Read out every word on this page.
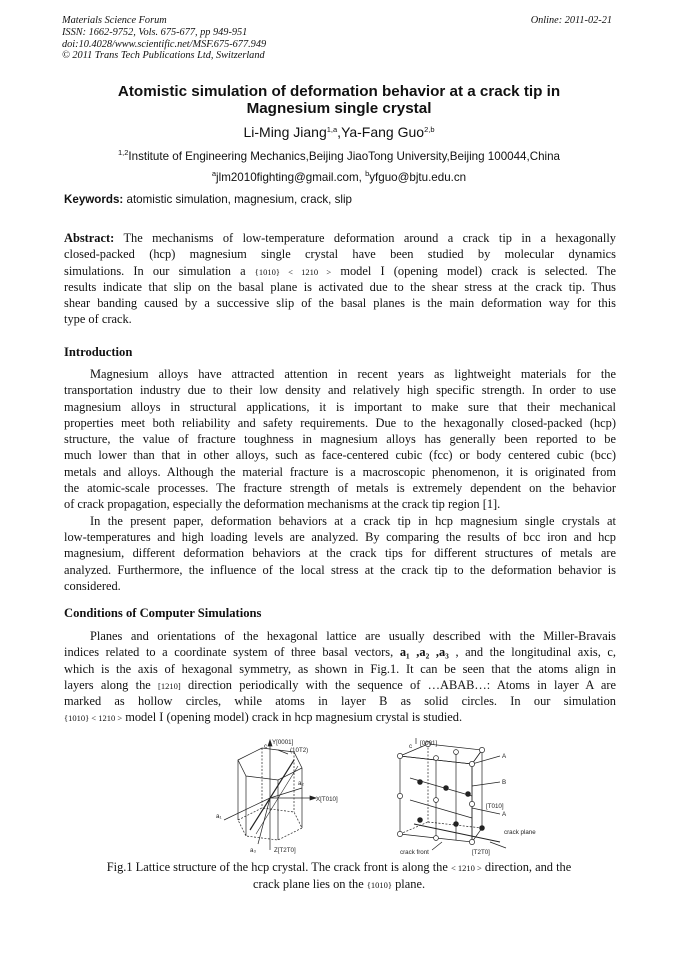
Materials Science Forum
ISSN: 1662-9752, Vols. 675-677, pp 949-951
doi:10.4028/www.scientific.net/MSF.675-677.949
© 2011 Trans Tech Publications Ltd, Switzerland
Online: 2011-02-21
Atomistic simulation of deformation behavior at a crack tip in
Magnesium single crystal
Li-Ming Jiang$^{1,a}$,Ya-Fang Guo$^{2,b}$
$^{1,2}$Institute of Engineering Mechanics,Beijing JiaoTong University,Beijing 100044,China
$^a$jlm2010fighting@gmail.com, $^b$yfguo@bjtu.edu.cn
Keywords: atomistic simulation, magnesium, crack, slip
Abstract: The mechanisms of low-temperature deformation around a crack tip in a hexagonally
closed-packed (hcp) magnesium single crystal have been studied by molecular dynamics
simulations. In our simulation a {1010} < 1210 > model I (opening model) crack is selected. The
results indicate that slip on the basal plane is activated due to the shear stress at the crack tip. Thus
shear banding caused by a successive slip of the basal planes is the main deformation way for this
type of crack.
Introduction
Magnesium alloys have attracted attention in recent years as lightweight materials for the
transportation industry due to their low density and relatively high specific strength. In order to use
magnesium alloys in structural applications, it is important to make sure that their mechanical
properties meet both reliability and safety requirements. Due to the hexagonally closed-packed (hcp)
structure, the value of fracture toughness in magnesium alloys has generally been reported to be
much lower than that in other alloys, such as face-centered cubic (fcc) or body centered cubic (bcc)
metals and alloys. Although the material fracture is a macroscopic phenomenon, it is originated from
the atomic-scale processes. The fracture strength of metals is extremely dependent on the behavior
of crack propagation, especially the deformation mechanisms at the crack tip region [1].
In the present paper, deformation behaviors at a crack tip in hcp magnesium single crystals at
low-temperatures and high loading levels are analyzed. By comparing the results of bcc iron and hcp
magnesium, different deformation behaviors at the crack tips for different structures of metals are
analyzed. Furthermore, the influence of the local stress at the crack tip to the deformation behavior is
considered.
Conditions of Computer Simulations
Planes and orientations of the hexagonal lattice are usually described with the Miller-Bravais
indices related to a coordinate system of three basal vectors, a₁ ,a₂ ,a₃ , and the longitudinal axis, c,
which is the axis of hexagonal symmetry, as shown in Fig.1. It can be seen that the atoms align in
layers along the [1210] direction periodically with the sequence of …ABAB…: Atoms in layer A are
marked as hollow circles, while atoms in layer B as solid circles. In our simulation
{1010} < 1210 > model I (opening model) crack in hcp magnesium crystal is studied.
c
Y[0001]
(10T2)
a₁
a₂
a₃
X[T010]
Z[T2T0]
c [0001]
A
B
A
[T010]
[T2T0]
crack plane
crack front
Fig.1 Lattice structure of the hcp crystal. The crack front is along the < 1210 > direction, and the
crack plane lies on the {1010} plane.
